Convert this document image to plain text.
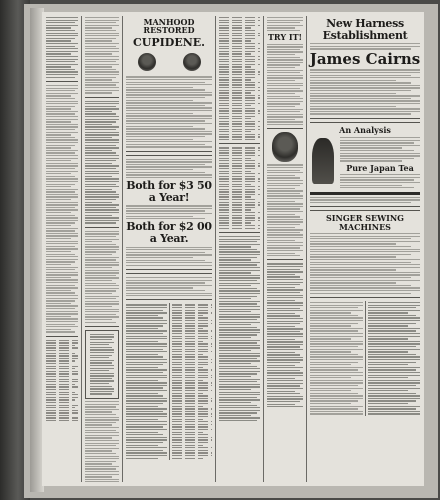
MANHOOD RESTORED
CUPIDENE.
Both for $3 50 a Year!
Both for $2 00 a Year.
TRY IT!
New Harness Establishment
James Cairns
An Analysis
Pure Japan Tea
SINGER SEWING MACHINES
